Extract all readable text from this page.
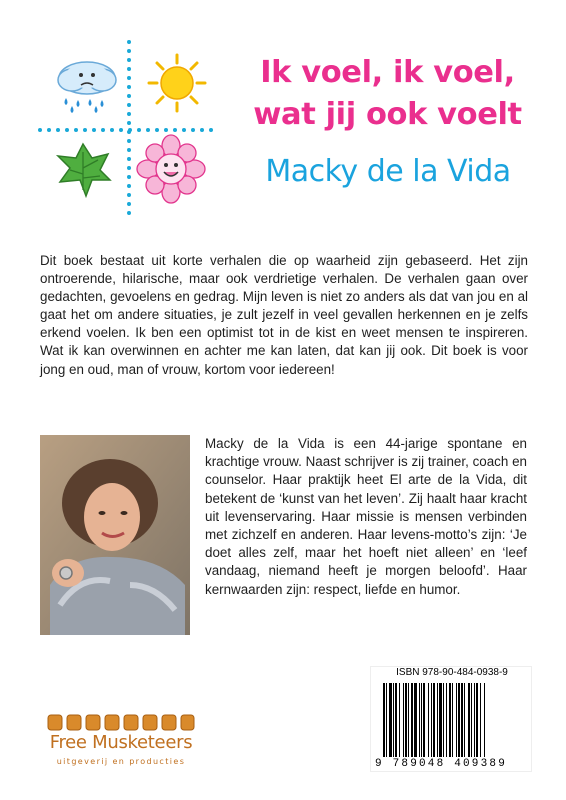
Ik voel, ik voel,
wat jij ook voelt
Macky de la Vida

Dit boek bestaat uit korte verhalen die op waarheid zijn gebaseerd. Het zijn ontroerende, hilarische, maar ook verdrietige verhalen. De verhalen gaan over gedachten, gevoelens en gedrag. Mijn leven is niet zo anders als dat van jou en al gaat het om andere situaties, je zult jezelf in veel gevallen herkennen en je zelfs erkend voelen. Ik ben een optimist tot in de kist en weet mensen te inspireren. Wat ik kan overwinnen en achter me kan laten, dat kan jij ook. Dit boek is voor jong en oud, man of vrouw, kortom voor iedereen!

Macky de la Vida is een 44-jarige spontane en krachtige vrouw. Naast schrijver is zij trainer, coach en counselor. Haar praktijk heet El arte de la Vida, dit betekent de ‘kunst van het leven’. Zij haalt haar kracht uit levenservaring. Haar missie is mensen verbinden met zichzelf en anderen. Haar levens-motto’s zijn: ‘Je doet alles zelf, maar het hoeft niet alleen’ en ‘leef vandaag, niemand heeft je morgen beloofd’. Haar kernwaarden zijn: respect, liefde en humor.

ISBN 978-90-484-0938-9
9 789048 409389
Free Musketeers
uitgeverij en producties
